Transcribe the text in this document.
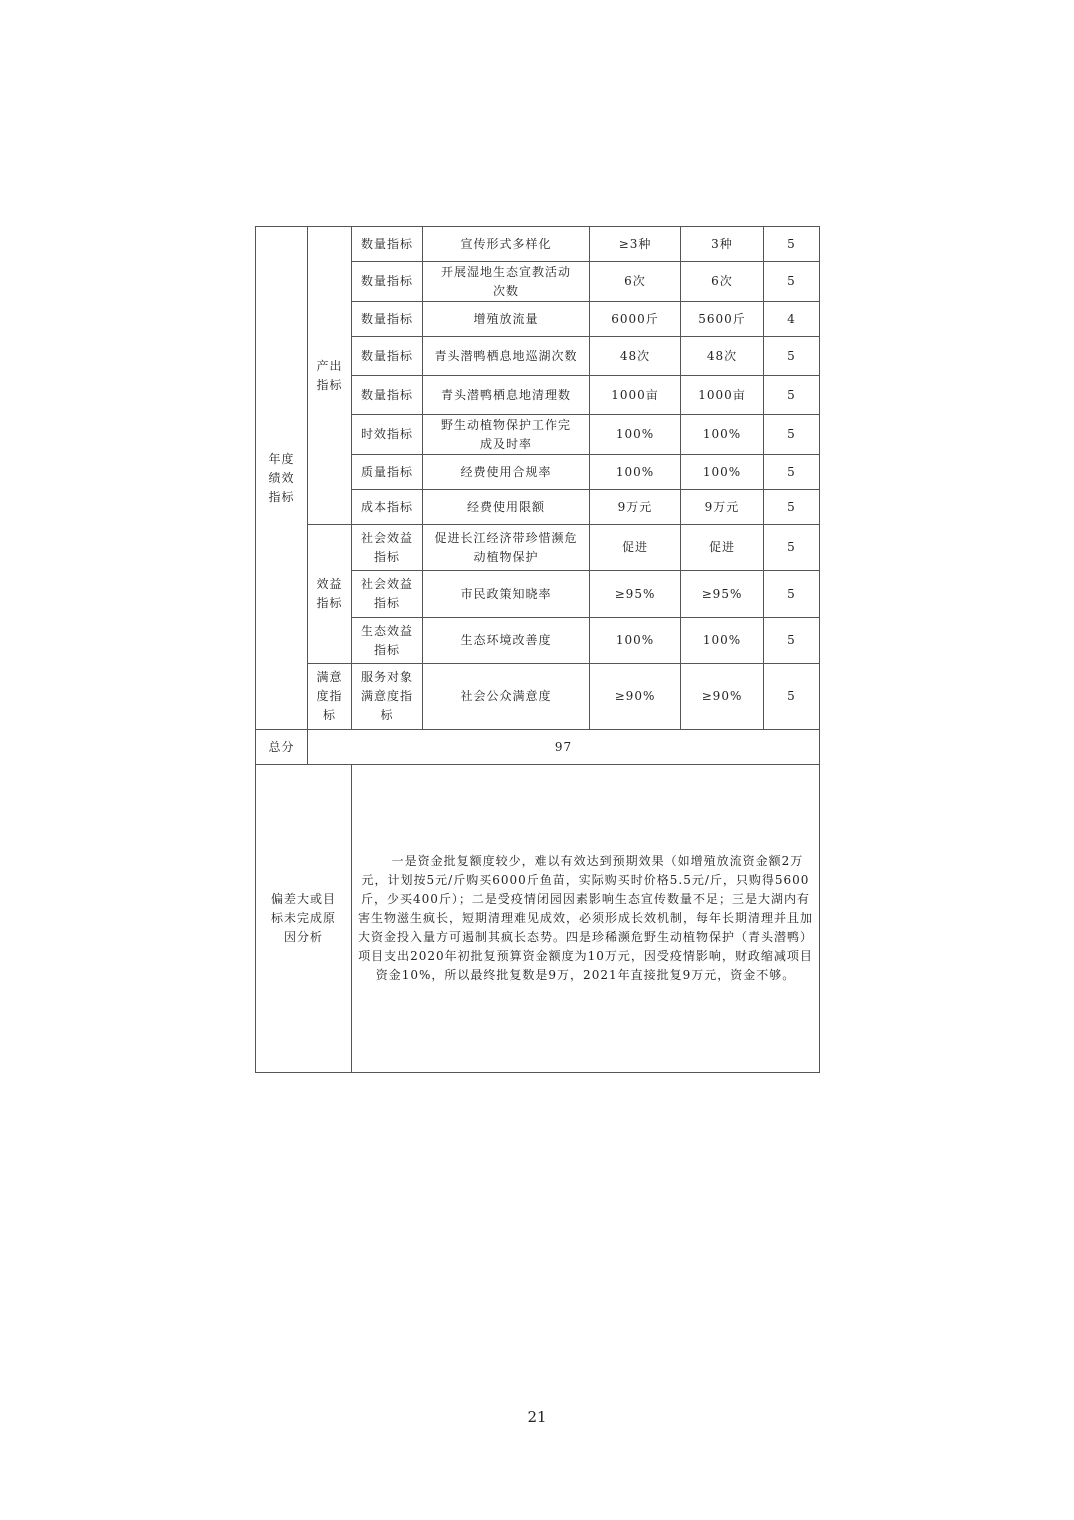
年度绩效指标	产出指标	数量指标	宣传形式多样化	≥3种	3种	5
		数量指标	开展湿地生态宣教活动次数	6次	6次	5
		数量指标	增殖放流量	6000斤	5600斤	4
		数量指标	青头潜鸭栖息地巡湖次数	48次	48次	5
		数量指标	青头潜鸭栖息地清理数	1000亩	1000亩	5
		时效指标	野生动植物保护工作完成及时率	100%	100%	5
		质量指标	经费使用合规率	100%	100%	5
		成本指标	经费使用限额	9万元	9万元	5
	效益指标	社会效益指标	促进长江经济带珍惜濒危动植物保护	促进	促进	5
		社会效益指标	市民政策知晓率	≥95%	≥95%	5
		生态效益指标	生态环境改善度	100%	100%	5
	满意度指标	服务对象满意度指标	社会公众满意度	≥90%	≥90%	5
总分	97					
偏差大或目标未完成原因分析		一是资金批复额度较少，难以有效达到预期效果（如增殖放流资金额2万元，计划按5元/斤购买6000斤鱼苗，实际购买时价格5.5元/斤，只购得5600斤，少买400斤）；二是受疫情闭园因素影响生态宣传数量不足；三是大湖内有害生物滋生疯长，短期清理难见成效，必须形成长效机制，每年长期清理并且加大资金投入量方可遏制其疯长态势。四是珍稀濒危野生动植物保护（青头潜鸭）项目支出2020年初批复预算资金额度为10万元，因受疫情影响，财政缩减项目资金10%，所以最终批复数是9万，2021年直接批复9万元，资金不够。				
21
